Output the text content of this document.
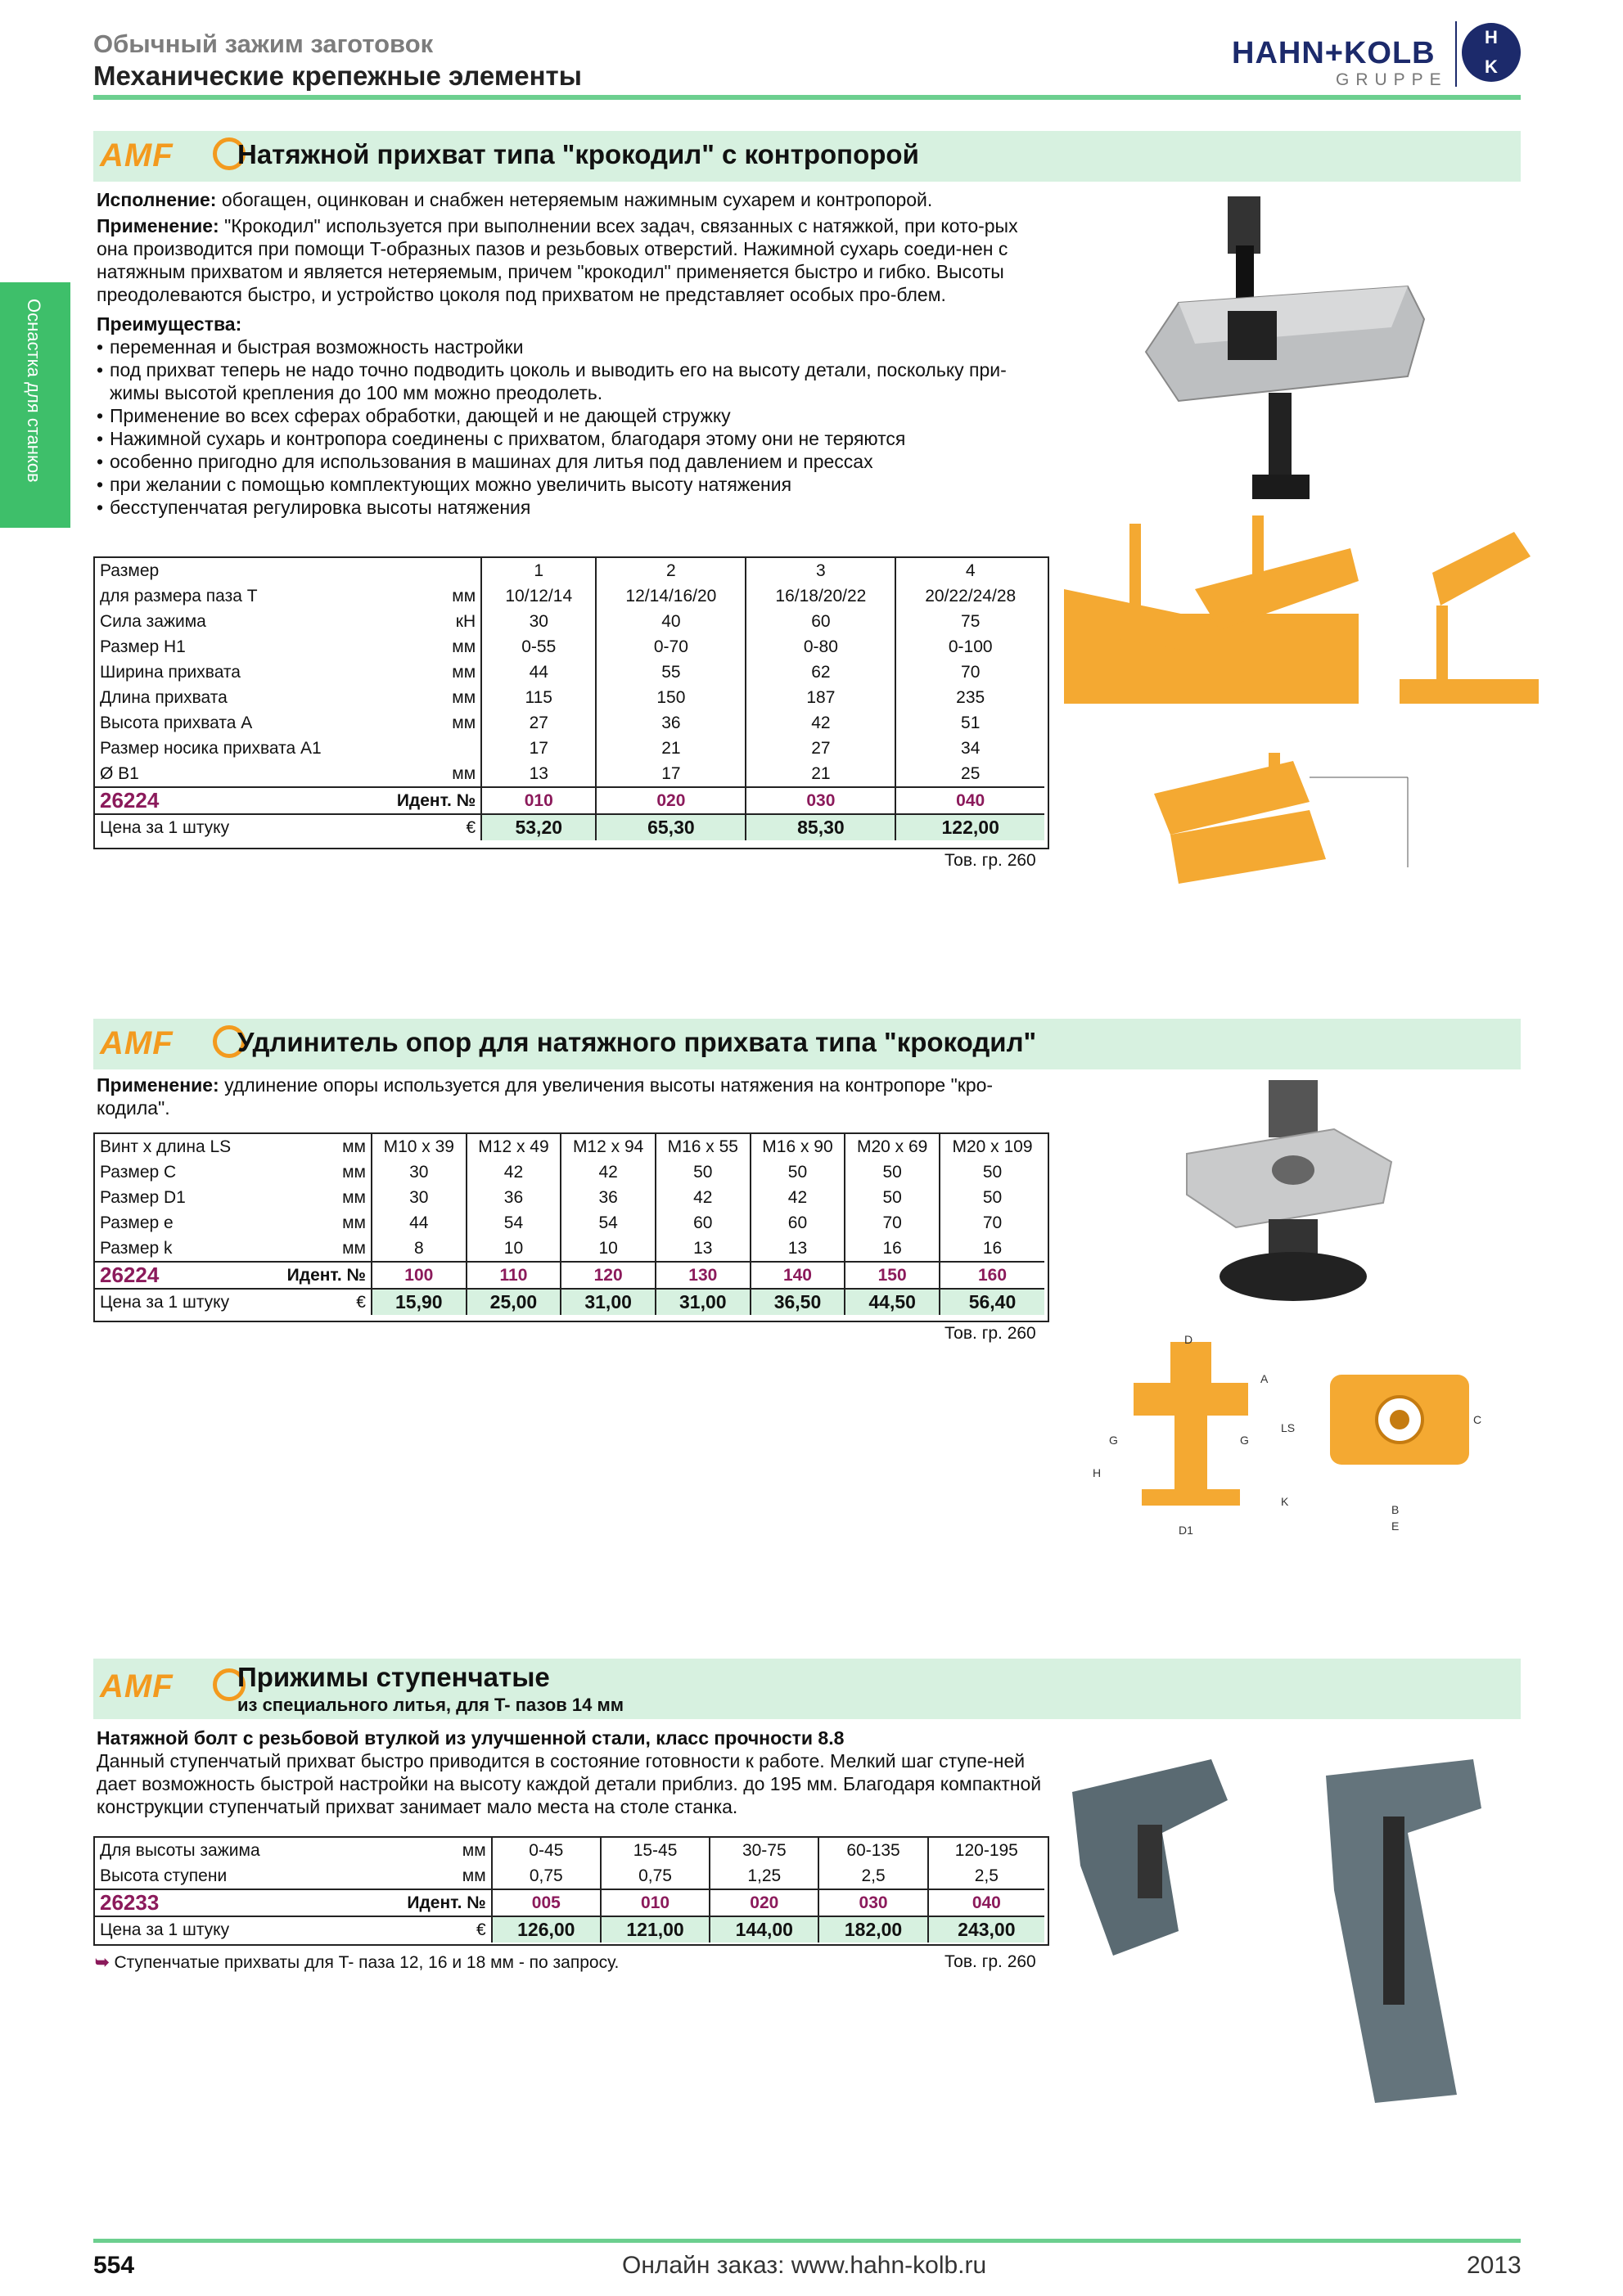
Обычный зажим заготовок
Механические крепежные элементы
HAHN+KOLB
GRUPPE
H
K
Оснастка для станков
AMF Натяжной прихват типа "крокодил" с контропорой
Исполнение: обогащен, оцинкован и снабжен нетеряемым нажимным сухарем и контропорой.
Применение: "Крокодил" используется при выполнении всех задач, связанных с натяжкой, при кото-рых она производится при помощи T-образных пазов и резьбовых отверстий. Нажимной сухарь соеди-нен с натяжным прихватом и является нетеряемым, причем "крокодил" применяется быстро и гибко. Высоты преодолеваются быстро, и устройство цоколя под прихватом не представляет особых про-блем.
Преимущества:
• переменная и быстрая возможность настройки
• под прихват теперь не надо точно подводить цоколь и выводить его на высоту детали, поскольку при-жимы высотой крепления до 100 мм можно преодолеть.
• Применение во всех сферах обработки, дающей и не дающей стружку
• Нажимной сухарь и контропора соединены с прихватом, благодаря этому они не теряются
• особенно пригодно для использования в машинах для литья под давлением и прессах
• при желании с помощью комплектующих можно увеличить высоту натяжения
• бесступенчатая регулировка высоты натяжения
Размер		1	2	3	4
для размера паза T	мм	10/12/14	12/14/16/20	16/18/20/22	20/22/24/28
Сила зажима	кН	30	40	60	75
Размер H1	мм	0-55	0-70	0-80	0-100
Ширина прихвата	мм	44	55	62	70
Длина прихвата	мм	115	150	187	235
Высота прихвата A	мм	27	36	42	51
Размер носика прихвата A1		17	21	27	34
Ø B1	мм	13	17	21	25
26224	Идент. №	010	020	030	040
Цена за 1 штуку	€	53,20	65,30	85,30	122,00
Тов. гр. 260
AMF Удлинитель опор для натяжного прихвата типа "крокодил"
Применение: удлинение опоры используется для увеличения высоты натяжения на контропоре "кро-кодила".
Винт x длина LS	мм	M10 x 39	M12 x 49	M12 x 94	M16 x 55	M16 x 90	M20 x 69	M20 x 109
Размер C	мм	30	42	42	50	50	50	50
Размер D1	мм	30	36	36	42	42	50	50
Размер e	мм	44	54	54	60	60	70	70
Размер k	мм	8	10	10	13	13	16	16
26224	Идент. №	100	110	120	130	140	150	160
Цена за 1 штуку	€	15,90	25,00	31,00	31,00	36,50	44,50	56,40
Тов. гр. 260	D
A
LS
H
G	G
K
D1
C
B
E
AMF Прижимы ступенчатые
из специального литья, для T- пазов 14 мм
Натяжной болт с резьбовой втулкой из улучшенной стали, класс прочности 8.8
Данный ступенчатый прихват быстро приводится в состояние готовности к работе. Мелкий шаг ступе-ней дает возможность быстрой настройки на высоту каждой детали приблиз. до 195 мм. Благодаря компактной конструкции ступенчатый прихват занимает мало места на столе станка.
Для высоты зажима	мм	0-45	15-45	30-75	60-135	120-195
Высота ступени	мм	0,75	0,75	1,25	2,5	2,5
26233	Идент. №	005	010	020	030	040
Цена за 1 штуку	€	126,00	121,00	144,00	182,00	243,00
➥ Ступенчатые прихваты для T- паза 12, 16 и 18 мм - по запросу.	Тов. гр. 260
554	Онлайн заказ: www.hahn-kolb.ru	2013
